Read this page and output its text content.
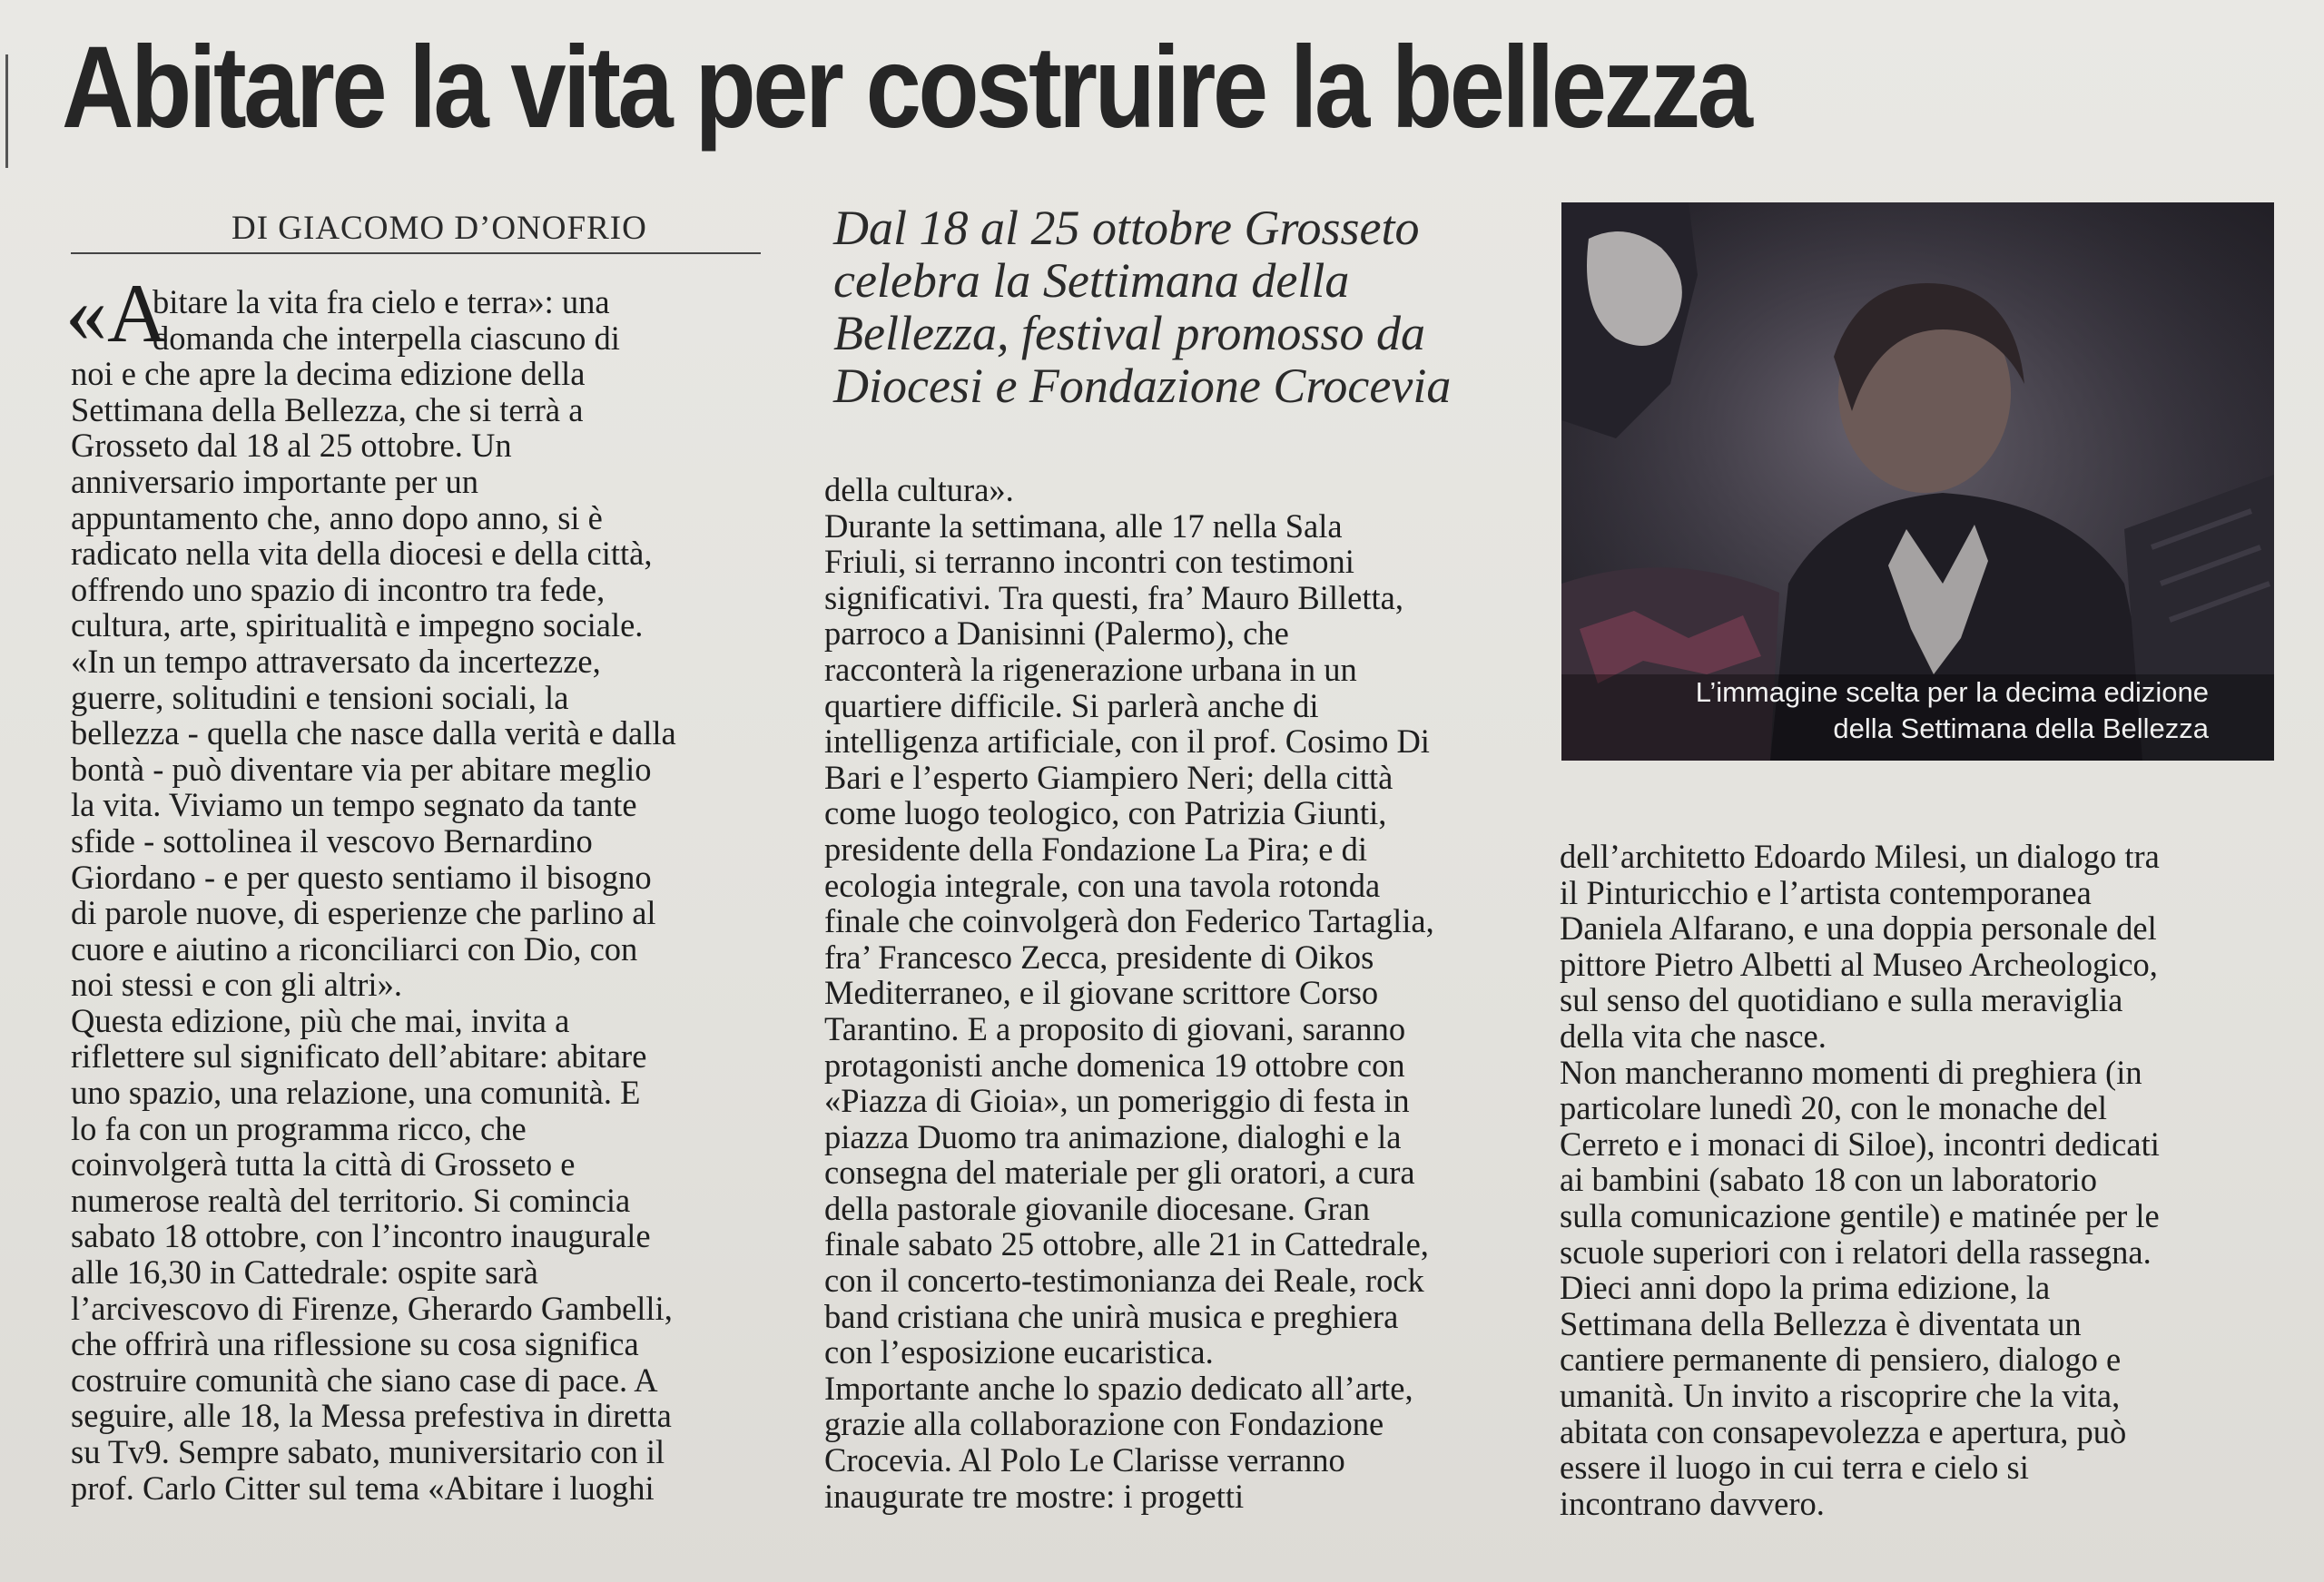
Abitare la vita per costruire la bellezza
DI GIACOMO D’ONOFRIO
«A
bitare la vita fra cielo e terra»: una
domanda che interpella ciascuno di
noi e che apre la decima edizione della
Settimana della Bellezza, che si terrà a
Grosseto dal 18 al 25 ottobre. Un
anniversario importante per un
appuntamento che, anno dopo anno, si è
radicato nella vita della diocesi e della città,
offrendo uno spazio di incontro tra fede,
cultura, arte, spiritualità e impegno sociale.
«In un tempo attraversato da incertezze,
guerre, solitudini e tensioni sociali, la
bellezza - quella che nasce dalla verità e dalla
bontà - può diventare via per abitare meglio
la vita. Viviamo un tempo segnato da tante
sfide - sottolinea il vescovo Bernardino
Giordano - e per questo sentiamo il bisogno
di parole nuove, di esperienze che parlino al
cuore e aiutino a riconciliarci con Dio, con
noi stessi e con gli altri».
Questa edizione, più che mai, invita a
riflettere sul significato dell’abitare: abitare
uno spazio, una relazione, una comunità. E
lo fa con un programma ricco, che
coinvolgerà tutta la città di Grosseto e
numerose realtà del territorio. Si comincia
sabato 18 ottobre, con l’incontro inaugurale
alle 16,30 in Cattedrale: ospite sarà
l’arcivescovo di Firenze, Gherardo Gambelli,
che offrirà una riflessione su cosa significa
costruire comunità che siano case di pace. A
seguire, alle 18, la Messa prefestiva in diretta
su Tv9. Sempre sabato, muniversitario con il
prof. Carlo Citter sul tema «Abitare i luoghi
Dal 18 al 25 ottobre Grosseto
celebra la Settimana della
Bellezza, festival promosso da
Diocesi e Fondazione Crocevia
della cultura».
Durante la settimana, alle 17 nella Sala
Friuli, si terranno incontri con testimoni
significativi. Tra questi, fra’ Mauro Billetta,
parroco a Danisinni (Palermo), che
racconterà la rigenerazione urbana in un
quartiere difficile. Si parlerà anche di
intelligenza artificiale, con il prof. Cosimo Di
Bari e l’esperto Giampiero Neri; della città
come luogo teologico, con Patrizia Giunti,
presidente della Fondazione La Pira; e di
ecologia integrale, con una tavola rotonda
finale che coinvolgerà don Federico Tartaglia,
fra’ Francesco Zecca, presidente di Oikos
Mediterraneo, e il giovane scrittore Corso
Tarantino. E a proposito di giovani, saranno
protagonisti anche domenica 19 ottobre con
«Piazza di Gioia», un pomeriggio di festa in
piazza Duomo tra animazione, dialoghi e la
consegna del materiale per gli oratori, a cura
della pastorale giovanile diocesane. Gran
finale sabato 25 ottobre, alle 21 in Cattedrale,
con il concerto-testimonianza dei Reale, rock
band cristiana che unirà musica e preghiera
con l’esposizione eucaristica.
Importante anche lo spazio dedicato all’arte,
grazie alla collaborazione con Fondazione
Crocevia. Al Polo Le Clarisse verranno
inaugurate tre mostre: i progetti
L’immagine scelta per la decima edizione
della Settimana della Bellezza
dell’architetto Edoardo Milesi, un dialogo tra
il Pinturicchio e l’artista contemporanea
Daniela Alfarano, e una doppia personale del
pittore Pietro Albetti al Museo Archeologico,
sul senso del quotidiano e sulla meraviglia
della vita che nasce.
Non mancheranno momenti di preghiera (in
particolare lunedì 20, con le monache del
Cerreto e i monaci di Siloe), incontri dedicati
ai bambini (sabato 18 con un laboratorio
sulla comunicazione gentile) e matinée per le
scuole superiori con i relatori della rassegna.
Dieci anni dopo la prima edizione, la
Settimana della Bellezza è diventata un
cantiere permanente di pensiero, dialogo e
umanità. Un invito a riscoprire che la vita,
abitata con consapevolezza e apertura, può
essere il luogo in cui terra e cielo si
incontrano davvero.
